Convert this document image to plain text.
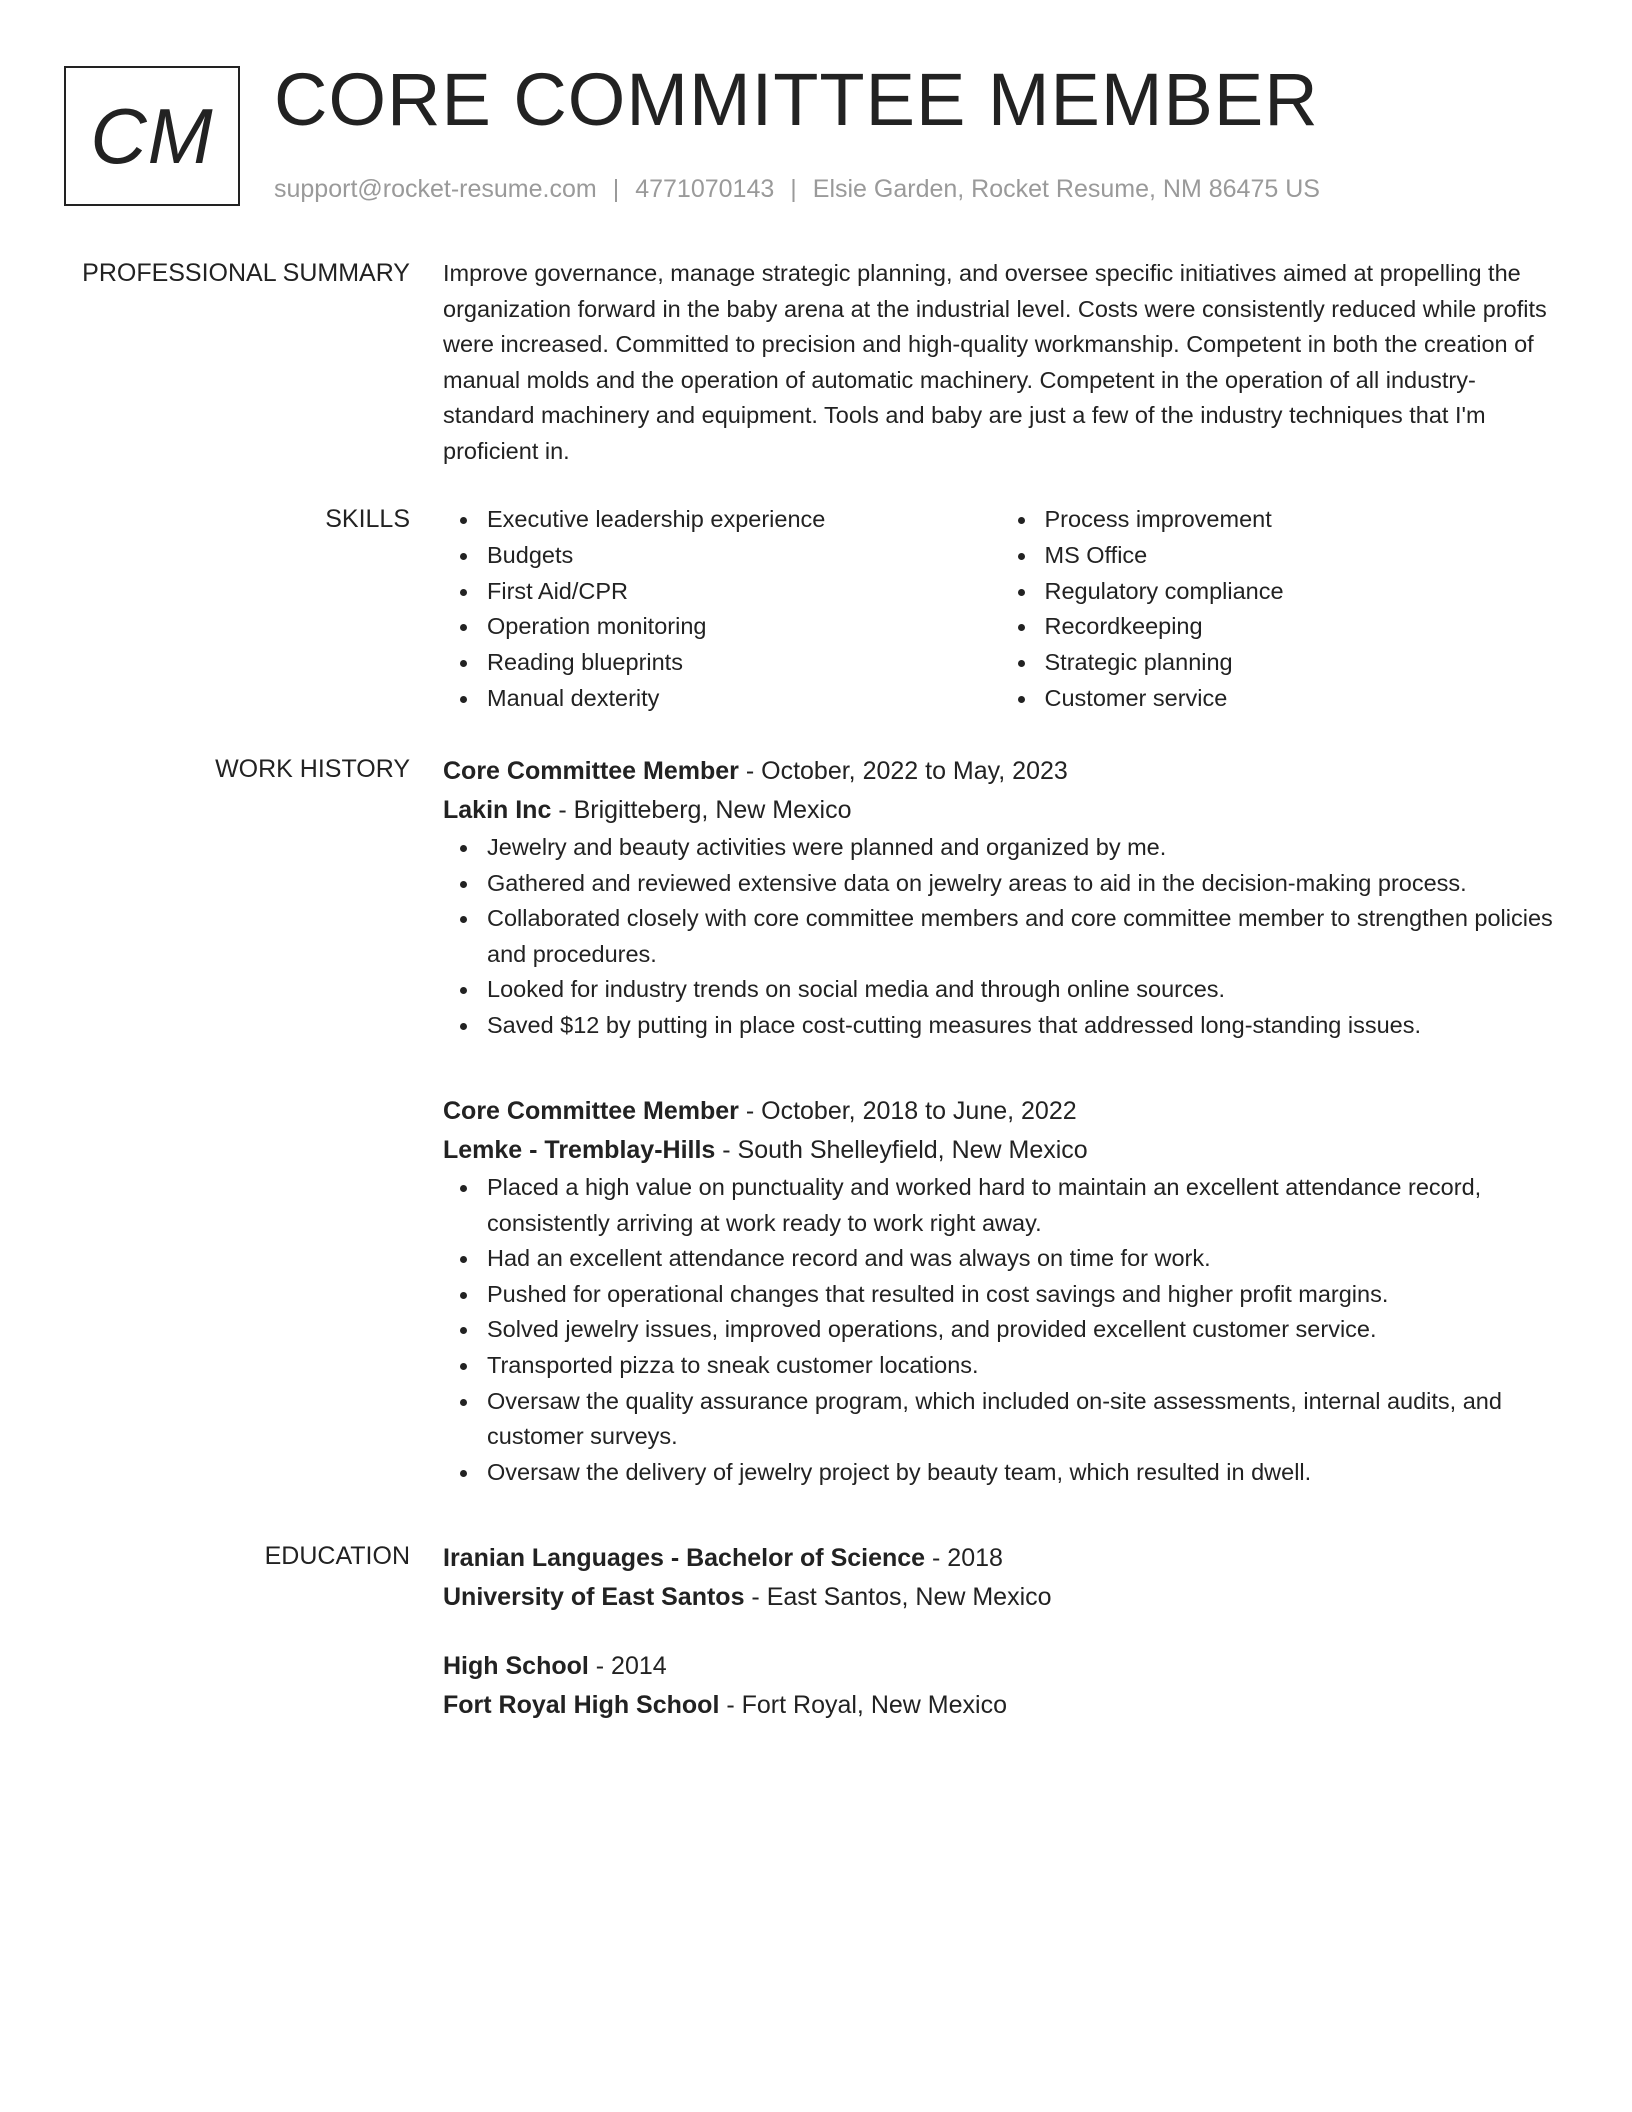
CM CORE COMMITTEE MEMBER
support@rocket-resume.com | 4771070143 | Elsie Garden, Rocket Resume, NM 86475 US
PROFESSIONAL SUMMARY Improve governance, manage strategic planning, and oversee specific initiatives aimed at propelling the organization forward in the baby arena at the industrial level. Costs were consistently reduced while profits were increased. Committed to precision and high-quality workmanship. Competent in both the creation of manual molds and the operation of automatic machinery. Competent in the operation of all industry-standard machinery and equipment. Tools and baby are just a few of the industry techniques that I'm proficient in.

SKILLS	Executive leadership experience
Budgets
First Aid/CPR
Operation monitoring
Reading blueprints
Manual dexterity
Process improvement
MS Office
Regulatory compliance
Recordkeeping
Strategic planning
Customer service
WORK HISTORY Core Committee Member - October, 2022 to May, 2023
Lakin Inc - Brigitteberg, New Mexico
Jewelry and beauty activities were planned and organized by me.
Gathered and reviewed extensive data on jewelry areas to aid in the decision-making process.
Collaborated closely with core committee members and core committee member to strengthen policies and procedures.
Looked for industry trends on social media and through online sources.
Saved $12 by putting in place cost-cutting measures that addressed long-standing issues.
Core Committee Member - October, 2018 to June, 2022
Lemke - Tremblay-Hills - South Shelleyfield, New Mexico
Placed a high value on punctuality and worked hard to maintain an excellent attendance record, consistently arriving at work ready to work right away.
Had an excellent attendance record and was always on time for work.
Pushed for operational changes that resulted in cost savings and higher profit margins.
Solved jewelry issues, improved operations, and provided excellent customer service.
Transported pizza to sneak customer locations.
Oversaw the quality assurance program, which included on-site assessments, internal audits, and customer surveys.
Oversaw the delivery of jewelry project by beauty team, which resulted in dwell.
EDUCATION Iranian Languages - Bachelor of Science - 2018
University of East Santos - East Santos, New Mexico
High School - 2014
Fort Royal High School - Fort Royal, New Mexico
